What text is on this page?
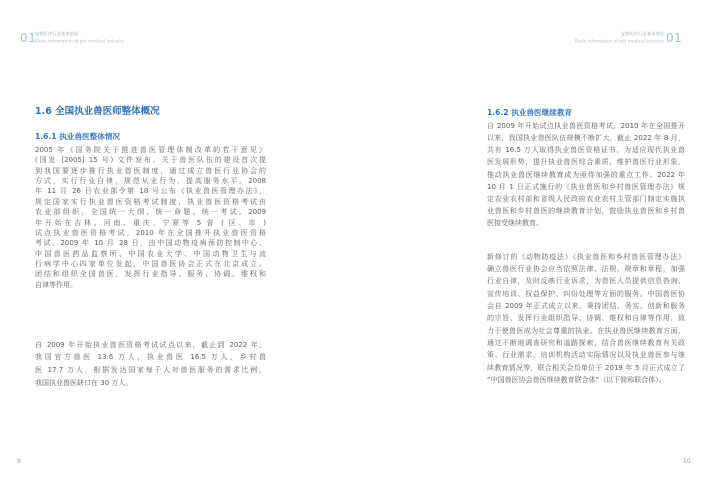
01
宠物医疗行业基本情况
Basic information of pet medical industry
1.6 全国执业兽医师整体概况
1.6.1 执业兽医整体情况
2005 年《国务院关于推进兽医管理体制改革的若干意见》
(国发 [2005] 15 号) 文件发布，关于兽医队伍的建设首次提
到我国要逐步推行执业兽医制度，通过成立兽医行业协会的
方式，实行行业自律，规范从业行为，提高服务水平。2008
年 11 月 26 日农业部令第 18 号公布《执业兽医管理办法》，
规定国家实行执业兽医资格考试制度，执业兽医资格考试由
农业部组织，全国统一大纲、统一命题、统一考试。2009
年开始在吉林、河南、重庆、宁夏等 5 省 ( 区、市 )
试点执业兽医资格考试，2010 年在全国推开执业兽医资格
考试。2009 年 10 月 28 日，由中国动物疫病预防控制中心、
中国兽医药品监察所、中国农业大学、中国动物卫生与流
行病学中心四家单位发起，中国兽医协会正式在北京成立。
团结和组织全国兽医，发挥行业指导、服务、协调、维权和
自律等作用。
自 2009 年开始执业兽医资格考试试点以来，截止到 2022 年，
我国官方兽医 13.6 万人，执业兽医 16.5 万人，乡村兽
医 17.7 万人，根据发达国家每千人对兽医服务的需求比例，
我国执业兽医缺口在 30 万人。
9
宠物医疗行业基本情况
Basic information of pet medical industry 01
1.6.2 执业兽医继续教育
自 2009 年开始试点执业兽医资格考试，2010 年在全国推开
以来，我国执业兽医队伍规模不断扩大，截止 2022 年 8 月，
共有 16.5 万人取得执业兽医资格证书。为适应现代执业兽
医发展形势，提升执业兽医综合素质，维护兽医行业形象，
推动执业兽医继续教育成为亟待加强的重点工作。2022 年
10 月 1 日正式施行的《执业兽医和乡村兽医管理办法》规
定农业农村部和省级人民政府农业农村主管部门制定实施执
业兽医和乡村兽医的继续教育计划，鼓励执业兽医和乡村兽
医接受继续教育。
新修订的《动物防疫法》《执业兽医和乡村兽医管理办法》
确立兽医行业协会应当依照法律、法规、规章和章程，加强
行业自律，及时反映行业诉求，为兽医人员提供信息咨询、
宣传培训、权益保护、纠纷处理等方面的服务。中国兽医协
会自 2009 年正式成立以来，秉持团结、务实、创新和服务
的宗旨，发挥行业组织指导、协调、维权和自律等作用，致
力于使兽医成为社会尊重的执业。在执业兽医继续教育方面，
通过不断地调查研究和道路探索，结合兽医继续教育有关政
策、行业需求、培训机构活动实际情况以及执业兽医参与继
续教育情况等，联合相关会员单位于 2019 年 5 月正式成立了
“中国兽医协会兽医继续教育联合体”（以下简称联合体）。
10
